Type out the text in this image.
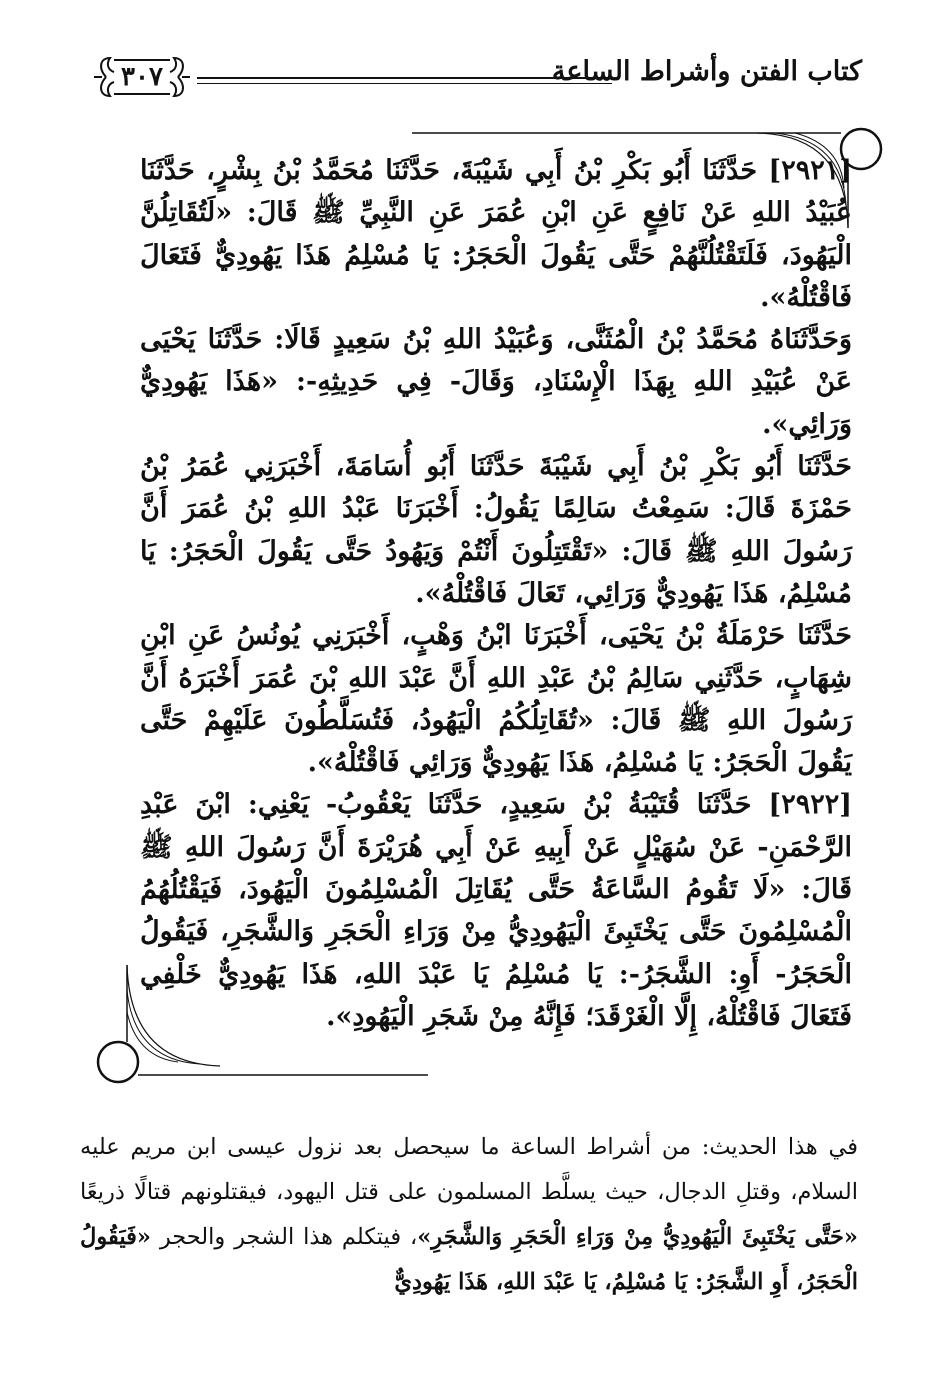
كتاب الفتن وأشراط الساعة
٣٠٧

[٢٩٢١] حَدَّثَنَا أَبُو بَكْرِ بْنُ أَبِي شَيْبَةَ، حَدَّثَنَا مُحَمَّدُ بْنُ بِشْرٍ، حَدَّثَنَا عُبَيْدُ اللهِ عَنْ نَافِعٍ عَنِ ابْنِ عُمَرَ عَنِ النَّبِيِّ ﷺ قَالَ: «لَتُقَاتِلُنَّ الْيَهُودَ، فَلَتَقْتُلُنَّهُمْ حَتَّى يَقُولَ الْحَجَرُ: يَا مُسْلِمُ هَذَا يَهُودِيٌّ فَتَعَالَ فَاقْتُلْهُ».

وَحَدَّثَنَاهُ مُحَمَّدُ بْنُ الْمُثَنَّى، وَعُبَيْدُ اللهِ بْنُ سَعِيدٍ قَالَا: حَدَّثَنَا يَحْيَى عَنْ عُبَيْدِ اللهِ بِهَذَا الْإِسْنَادِ، وَقَالَ- فِي حَدِيثِهِ-: «هَذَا يَهُودِيٌّ وَرَائِي».

حَدَّثَنَا أَبُو بَكْرِ بْنُ أَبِي شَيْبَةَ حَدَّثَنَا أَبُو أُسَامَةَ، أَخْبَرَنِي عُمَرُ بْنُ حَمْزَةَ قَالَ: سَمِعْتُ سَالِمًا يَقُولُ: أَخْبَرَنَا عَبْدُ اللهِ بْنُ عُمَرَ أَنَّ رَسُولَ اللهِ ﷺ قَالَ: «تَقْتَتِلُونَ أَنْتُمْ وَيَهُودُ حَتَّى يَقُولَ الْحَجَرُ: يَا مُسْلِمُ، هَذَا يَهُودِيٌّ وَرَائِي، تَعَالَ فَاقْتُلْهُ».

حَدَّثَنَا حَرْمَلَةُ بْنُ يَحْيَى، أَخْبَرَنَا ابْنُ وَهْبٍ، أَخْبَرَنِي يُونُسُ عَنِ ابْنِ شِهَابٍ، حَدَّثَنِي سَالِمُ بْنُ عَبْدِ اللهِ أَنَّ عَبْدَ اللهِ بْنَ عُمَرَ أَخْبَرَهُ أَنَّ رَسُولَ اللهِ ﷺ قَالَ: «تُقَاتِلُكُمُ الْيَهُودُ، فَتُسَلَّطُونَ عَلَيْهِمْ حَتَّى يَقُولَ الْحَجَرُ: يَا مُسْلِمُ، هَذَا يَهُودِيٌّ وَرَائِي فَاقْتُلْهُ».

[٢٩٢٢] حَدَّثَنَا قُتَيْبَةُ بْنُ سَعِيدٍ، حَدَّثَنَا يَعْقُوبُ- يَعْنِي: ابْنَ عَبْدِ الرَّحْمَنِ- عَنْ سُهَيْلٍ عَنْ أَبِيهِ عَنْ أَبِي هُرَيْرَةَ أَنَّ رَسُولَ اللهِ ﷺ قَالَ: «لَا تَقُومُ السَّاعَةُ حَتَّى يُقَاتِلَ الْمُسْلِمُونَ الْيَهُودَ، فَيَقْتُلُهُمُ الْمُسْلِمُونَ حَتَّى يَخْتَبِئَ الْيَهُودِيُّ مِنْ وَرَاءِ الْحَجَرِ وَالشَّجَرِ، فَيَقُولُ الْحَجَرُ- أَوِ: الشَّجَرُ-: يَا مُسْلِمُ يَا عَبْدَ اللهِ، هَذَا يَهُودِيٌّ خَلْفِي فَتَعَالَ فَاقْتُلْهُ، إِلَّا الْغَرْقَدَ؛ فَإِنَّهُ مِنْ شَجَرِ الْيَهُودِ».

في هذا الحديث: من أشراط الساعة ما سيحصل بعد نزول عيسى ابن مريم عليه السلام، وقتلِ الدجال، حيث يسلَّط المسلمون على قتل اليهود، فيقتلونهم قتالًا ذريعًا «حَتَّى يَخْتَبِئَ الْيَهُودِيُّ مِنْ وَرَاءِ الْحَجَرِ وَالشَّجَرِ»، فيتكلم هذا الشجر والحجر «فَيَقُولُ الْحَجَرُ، أَوِ الشَّجَرُ: يَا مُسْلِمُ، يَا عَبْدَ اللهِ، هَذَا يَهُودِيٌّ
